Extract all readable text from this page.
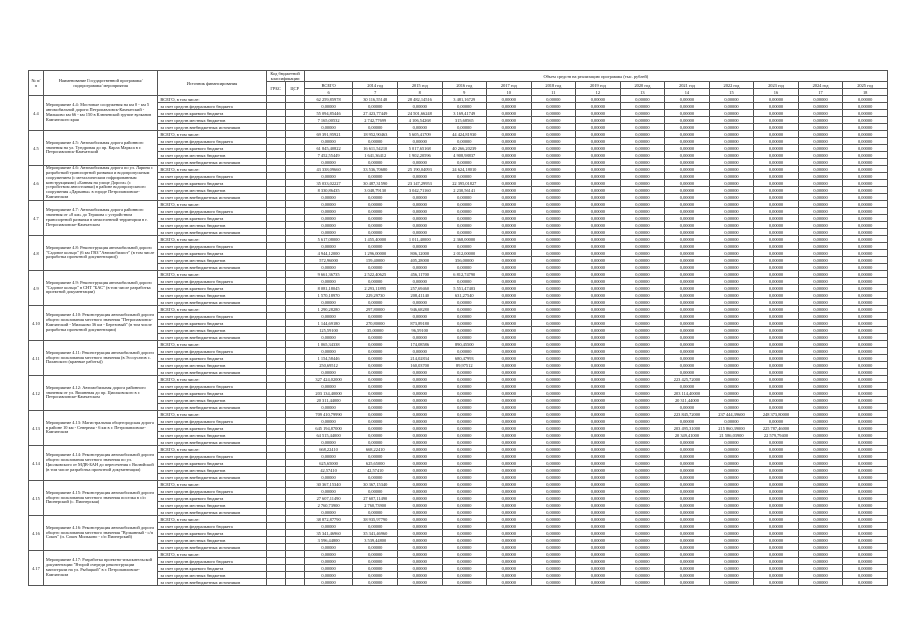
№ п/п	Наименование Государственной программы/ подпрограммы/ мероприятия	Источник финансирования	Код бюджетной классификации		Объем средств на реализацию программы (тыс. рублей)												
			ГРБС	ЦСР	ВСЕГО	2014 год	2015 год	2016 год	2017 год	2018 год	2019 год	2020 год	2021 год	2022 год	2023 год	2024 год	2025 год
					6	7	8	9	10	11	12	13	14	15	16	17	18
4.4	Мероприятие 4.4: Мостовые сооружения на км 0 - км 5 автомобильной дороги Петропавловск-Камчатский - Мильково км 66 - км 150 в Ключевской группе вулканов Камчатского края	ВСЕГО, в том числе:			62 259,85978	30 116,55148	28 482,14516	3 481,16729	0,00000	0,00000	0,00000	0,00000	0,00000	0,00000	0,00000	0,00000	0,00000
		за счет средств федерального бюджета			0,00000	0,00000	0,00000	0,00000	0,00000	0,00000	0,00000	0,00000	0,00000	0,00000	0,00000	0,00000	0,00000
		за счет средств краевого бюджета			55 094,85446	27 423,77449	24 501,66248	3 169,41749	0,00000	0,00000	0,00000	0,00000	0,00000	0,00000	0,00000	0,00000	0,00000
		за счет средств местных бюджетов			7 165,00532	2 742,77699	4 106,54268	315,68565	0,00000	0,00000	0,00000	0,00000	0,00000	0,00000	0,00000	0,00000	0,00000
		за счет средств внебюджетных источников			0,00000	0,00000	0,00000	0,00000	0,00000	0,00000	0,00000	0,00000	0,00000	0,00000	0,00000	0,00000	0,00000
4.5	Мероприятие 4.5: Автомобильная дорога районного значения на ул. Тундровая до пр. Карла Маркса в г. Петропавловск-Камчатский	ВСЕГО, в том числе:			69 391,95921	18 952,90463	5 605,41709	44 424,81930	0,00000	0,00000	0,00000	0,00000	0,00000	0,00000	0,00000	0,00000	0,00000
		за счет средств федерального бюджета			0,00000	0,00000	0,00000	0,00000	0,00000	0,00000	0,00000	0,00000	0,00000	0,00000	0,00000	0,00000	0,00000
		за счет средств краевого бюджета			61 845,40822	16 611,54210	5 017,65168	40 266,20239	0,00000	0,00000	0,00000	0,00000	0,00000	0,00000	0,00000	0,00000	0,00000
		за счет средств местных бюджетов			7 452,55449	1 641,36412	1 902,20596	4 908,98837	0,00000	0,00000	0,00000	0,00000	0,00000	0,00000	0,00000	0,00000	0,00000
		за счет средств внебюджетных источников			0,00000	0,00000	0,00000	0,00000	0,00000	0,00000	0,00000	0,00000	0,00000	0,00000	0,00000	0,00000	0,00000
4.6	Мероприятие 4.6: Автомобильная дорога по ул. Ларина с разработкой транспортной развязки и водопропускным сооружением (с металлическим гофрированным конструкциями) «Банная на улице Дорога» (с устройством автостоянки) в районе водопропускного сооружения «Дарьины» в городе Петропавловске-Камчатском	ВСЕГО, в том числе:			43 338,09660	33 536,70680	25 190,04093	24 624,18010	0,00000	0,00000	0,00000	0,00000	0,00000	0,00000	0,00000	0,00000	0,00000
		за счет средств федерального бюджета			0,00000	0,00000	0,00000	0,00000	0,00000	0,00000	0,00000	0,00000	0,00000	0,00000	0,00000	0,00000	0,00000
		за счет средств краевого бюджета			35 033,02227	30 487,31590	23 147,29953	22 395,01827	0,00000	0,00000	0,00000	0,00000	0,00000	0,00000	0,00000	0,00000	0,00000
		за счет средств местных бюджетов			8 330,86435	3 048,79130	3 042,71160	2 230,56141	0,00000	0,00000	0,00000	0,00000	0,00000	0,00000	0,00000	0,00000	0,00000
		за счет средств внебюджетных источников			0,00000	0,00000	0,00000	0,00000	0,00000	0,00000	0,00000	0,00000	0,00000	0,00000	0,00000	0,00000	0,00000
4.7	Мероприятие 4.7: Автомобильная дорога районного значения от «8 км» до Тершова с устройством транспортной развязки в межселенной территории в г. Петропавловске-Камчатском	ВСЕГО, в том числе:			0,00000	0,00000	0,00000	0,00000	0,00000	0,00000	0,00000	0,00000	0,00000	0,00000	0,00000	0,00000	0,00000
		за счет средств федерального бюджета			0,00000	0,00000	0,00000	0,00000	0,00000	0,00000	0,00000	0,00000	0,00000	0,00000	0,00000	0,00000	0,00000
		за счет средств краевого бюджета			0,00000	0,00000	0,00000	0,00000	0,00000	0,00000	0,00000	0,00000	0,00000	0,00000	0,00000	0,00000	0,00000
		за счет средств местных бюджетов			0,00000	0,00000	0,00000	0,00000	0,00000	0,00000	0,00000	0,00000	0,00000	0,00000	0,00000	0,00000	0,00000
		за счет средств внебюджетных источников			0,00000	0,00000	0,00000	0,00000	0,00000	0,00000	0,00000	0,00000	0,00000	0,00000	0,00000	0,00000	0,00000
4.8	Мероприятие 4.8: Реконструкция автомобильной дороги "Садовое кольцо" (6 км ГВЗ "Автомобилист" (в том числе разработка проектной документации))	ВСЕГО, в том числе:			5 617,08000	1 455,40000	1 011,40000	2 368,00000	0,00000	0,00000	0,00000	0,00000	0,00000	0,00000	0,00000	0,00000	0,00000
		за счет средств федерального бюджета			0,00000	0,00000	0,00000	0,00000	0,00000	0,00000	0,00000	0,00000	0,00000	0,00000	0,00000	0,00000	0,00000
		за счет средств краевого бюджета			4 944,12000	1 296,00000	806,12000	2 012,00000	0,00000	0,00000	0,00000	0,00000	0,00000	0,00000	0,00000	0,00000	0,00000
		за счет средств местных бюджетов			572,96000	159,40000	405,28000	356,00000	0,00000	0,00000	0,00000	0,00000	0,00000	0,00000	0,00000	0,00000	0,00000
		за счет средств внебюджетных источников			0,00000	0,00000	0,00000	0,00000	0,00000	0,00000	0,00000	0,00000	0,00000	0,00000	0,00000	0,00000	0,00000
4.9	Мероприятие 4.9: Реконструкция автомобильной дороги "Садовое кольцо" в СНТ "БАС" (в том числе разработка проектной документации)	ВСЕГО, в том числе:			9 661,36735	2 522,40625	456,11700	6 812,74790	0,00000	0,00000	0,00000	0,00000	0,00000	0,00000	0,00000	0,00000	0,00000
		за счет средств федерального бюджета			0,00000	0,00000	0,00000	0,00000	0,00000	0,00000	0,00000	0,00000	0,00000	0,00000	0,00000	0,00000	0,00000
		за счет средств краевого бюджета			8 081,18045	2 293,11895	257,69460	5 551,47403	0,00000	0,00000	0,00000	0,00000	0,00000	0,00000	0,00000	0,00000	0,00000
		за счет средств местных бюджетов			1 570,18970	229,29730	208,41140	631,27540	0,00000	0,00000	0,00000	0,00000	0,00000	0,00000	0,00000	0,00000	0,00000
		за счет средств внебюджетных источников			0,00000	0,00000	0,00000	0,00000	0,00000	0,00000	0,00000	0,00000	0,00000	0,00000	0,00000	0,00000	0,00000
4.10	Мероприятие 4.10: Реконструкция автомобильной дороги общего пользования местного значения "Петропавловск-Камчатский - Мильково 36 км - Березовый" (в том числе разработка проектной документации)	ВСЕГО, в том числе:			1 290,28280	297,80000	946,68280	0,00000	0,00000	0,00000	0,00000	0,00000	0,00000	0,00000	0,00000	0,00000	0,00000
		за счет средств федерального бюджета			0,00000	0,00000	0,00000	0,00000	0,00000	0,00000	0,00000	0,00000	0,00000	0,00000	0,00000	0,00000	0,00000
		за счет средств краевого бюджета			1 144,69180	270,80000	873,89180	0,00000	0,00000	0,00000	0,00000	0,00000	0,00000	0,00000	0,00000	0,00000	0,00000
		за счет средств местных бюджетов			125,59100	35,00000	96,59100	0,00000	0,00000	0,00000	0,00000	0,00000	0,00000	0,00000	0,00000	0,00000	0,00000
		за счет средств внебюджетных источников			0,00000	0,00000	0,00000	0,00000	0,00000	0,00000	0,00000	0,00000	0,00000	0,00000	0,00000	0,00000	0,00000
4.11	Мероприятие 4.11: Реконструкция автомобильной дороги общего пользования местного значения (в Эссоусатов с. Паланского (краевые работы))	ВСЕГО, в том числе:			1 065,34338	0,00000	174,08586	890,45500	0,00000	0,00000	0,00000	0,00000	0,00000	0,00000	0,00000	0,00000	0,00000
		за счет средств федерального бюджета			0,00000	0,00000	0,00000	0,00000	0,00000	0,00000	0,00000	0,00000	0,00000	0,00000	0,00000	0,00000	0,00000
		за счет средств краевого бюджета			1 154,58446	0,00000	214,02834	680,47993	0,00000	0,00000	0,00000	0,00000	0,00000	0,00000	0,00000	0,00000	0,00000
		за счет средств местных бюджетов			250,69512	0,00000	160,03700	89,97512	0,00000	0,00000	0,00000	0,00000	0,00000	0,00000	0,00000	0,00000	0,00000
		за счет средств внебюджетных источников			0,00000	0,00000	0,00000	0,00000	0,00000	0,00000	0,00000	0,00000	0,00000	0,00000	0,00000	0,00000	0,00000
4.12	Мероприятие 4.12: Автомобильная дорога районного значения от ул. Вишневая до пр. Циолковского в г. Петропавловске-Камчатском	ВСЕГО, в том числе:			327 424,02000	0,00000	0,00000	0,00000	0,00000	0,00000	0,00000	0,00000	223 425,72000	0,00000	0,00000	0,00000	0,00000
		за счет средств федерального бюджета			0,00000	0,00000	0,00000	0,00000	0,00000	0,00000	0,00000	0,00000	0,00000	0,00000	0,00000	0,00000	0,00000
		за счет средств краевого бюджета			203 134,40000	0,00000	0,00000	0,00000	0,00000	0,00000	0,00000	0,00000	203 114,40000	0,00000	0,00000	0,00000	0,00000
		за счет средств местных бюджетов			20 311,44000	0,00000	0,00000	0,00000	0,00000	0,00000	0,00000	0,00000	20 311,44000	0,00000	0,00000	0,00000	0,00000
		за счет средств внебюджетных источников			0,00000	0,00000	0,00000	0,00000	0,00000	0,00000	0,00000	0,00000	0,00000	0,00000	0,00000	0,00000	0,00000
4.13	Мероприятие 4.13: Магистральная общегородская дорога в районе 10 км - Северная - 6 км в г. Петропавловске-Камчатском	ВСЕГО, в том числе:			709 410,79990	0,00000	0,00000	0,00000	0,00000	0,00000	0,00000	0,00000	223 845,72000	237 444,39600	248 373,80000	0,00000	0,00000
		за счет средств федерального бюджета			0,00000	0,00000	0,00000	0,00000	0,00000	0,00000	0,00000	0,00000	0,00000	0,00000	0,00000	0,00000	0,00000
		за счет средств краевого бюджета			645 194,87000	0,00000	0,00000	0,00000	0,00000	0,00000	0,00000	0,00000	203 495,31000	215 860,39000	225 787,46000	0,00000	0,00000
		за счет средств местных бюджетов			64 515,44000	0,00000	0,00000	0,00000	0,00000	0,00000	0,00000	0,00000	20 349,41000	21 586,03900	22 579,79400	0,00000	0,00000
		за счет средств внебюджетных источников			0,00000	0,00000	0,00000	0,00000	0,00000	0,00000	0,00000	0,00000	0,00000	0,00000	0,00000	0,00000	0,00000
4.14	Мероприятие 4.14: Реконструкция автомобильной дороги общего пользования местного значения по ул. Циолковского от МДВ-БАН до пересечения с Вилюйской (в том числе разработка проектной документации)	ВСЕГО, в том числе:			668,22410	668,22410	0,00000	0,00000	0,00000	0,00000	0,00000	0,00000	0,00000	0,00000	0,00000	0,00000	0,00000
		за счет средств федерального бюджета			0,00000	0,00000	0,00000	0,00000	0,00000	0,00000	0,00000	0,00000	0,00000	0,00000	0,00000	0,00000	0,00000
		за счет средств краевого бюджета			625,65000	625,65000	0,00000	0,00000	0,00000	0,00000	0,00000	0,00000	0,00000	0,00000	0,00000	0,00000	0,00000
		за счет средств местных бюджетов			42,57410	42,57410	0,00000	0,00000	0,00000	0,00000	0,00000	0,00000	0,00000	0,00000	0,00000	0,00000	0,00000
		за счет средств внебюджетных источников			0,00000	0,00000	0,00000	0,00000	0,00000	0,00000	0,00000	0,00000	0,00000	0,00000	0,00000	0,00000	0,00000
4.15	Мероприятие 4.15: Реконструкция автомобильной дороги общего пользования местного значения поселка в с/п Пионерский (с. Пионерская)	ВСЕГО, в том числе:			30 367,15340	30 367,15340	0,00000	0,00000	0,00000	0,00000	0,00000	0,00000	0,00000	0,00000	0,00000	0,00000	0,00000
		за счет средств федерального бюджета			0,00000	0,00000	0,00000	0,00000	0,00000	0,00000	0,00000	0,00000	0,00000	0,00000	0,00000	0,00000	0,00000
		за счет средств краевого бюджета			27 607,11490	27 607,11490	0,00000	0,00000	0,00000	0,00000	0,00000	0,00000	0,00000	0,00000	0,00000	0,00000	0,00000
		за счет средств местных бюджетов			2 760,73900	2 760,73900	0,00000	0,00000	0,00000	0,00000	0,00000	0,00000	0,00000	0,00000	0,00000	0,00000	0,00000
		за счет средств внебюджетных источников			0,00000	0,00000	0,00000	0,00000	0,00000	0,00000	0,00000	0,00000	0,00000	0,00000	0,00000	0,00000	0,00000
4.16	Мероприятие 4.16: Реконструкция автомобильной дороги общего пользования местного значения "Вулканный - с/п Сокоч" (п. Сокоч Мильково - с/п Пионерский)	ВСЕГО, в том числе:			38 872,87790	38 935,97790	0,00000	0,00000	0,00000	0,00000	0,00000	0,00000	0,00000	0,00000	0,00000	0,00000	0,00000
		за счет средств федерального бюджета			0,00000	0,00000	0,00000	0,00000	0,00000	0,00000	0,00000	0,00000	0,00000	0,00000	0,00000	0,00000	0,00000
		за счет средств краевого бюджета			35 341,46960	35 341,46960	0,00000	0,00000	0,00000	0,00000	0,00000	0,00000	0,00000	0,00000	0,00000	0,00000	0,00000
		за счет средств местных бюджетов			3 596,44800	3 539,44800	0,00000	0,00000	0,00000	0,00000	0,00000	0,00000	0,00000	0,00000	0,00000	0,00000	0,00000
		за счет средств внебюджетных источников			0,00000	0,00000	0,00000	0,00000	0,00000	0,00000	0,00000	0,00000	0,00000	0,00000	0,00000	0,00000	0,00000
4.17	Мероприятие 4.17: Разработка проектно-изыскательской документации "Второй очереди реконструкции магистрали на ул. Рыбацкой" в г. Петропавловске-Камчатском	ВСЕГО, в том числе:			0,00000	0,00000	0,00000	0,00000	0,00000	0,00000	0,00000	0,00000	0,00000	0,00000	0,00000	0,00000	0,00000
		за счет средств федерального бюджета			0,00000	0,00000	0,00000	0,00000	0,00000	0,00000	0,00000	0,00000	0,00000	0,00000	0,00000	0,00000	0,00000
		за счет средств краевого бюджета			0,00000	0,00000	0,00000	0,00000	0,00000	0,00000	0,00000	0,00000	0,00000	0,00000	0,00000	0,00000	0,00000
		за счет средств местных бюджетов			0,00000	0,00000	0,00000	0,00000	0,00000	0,00000	0,00000	0,00000	0,00000	0,00000	0,00000	0,00000	0,00000
		за счет средств внебюджетных источников			0,00000	0,00000	0,00000	0,00000	0,00000	0,00000	0,00000	0,00000	0,00000	0,00000	0,00000	0,00000	0,00000
